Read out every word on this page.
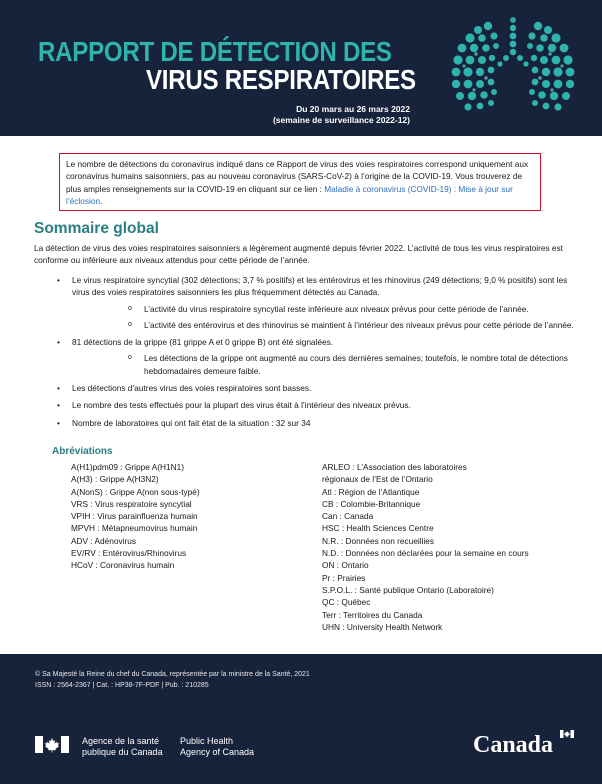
RAPPORT DE DÉTECTION DES
VIRUS RESPIRATOIRES
Du 20 mars au 26 mars 2022
(semaine de surveillance 2022-12)
Le nombre de détections du coronavirus indiqué dans ce Rapport de virus des voies respiratoires correspond uniquement aux coronavirus humains saisonniers, pas au nouveau coronavirus (SARS-CoV-2) à l’origine de la COVID-19. Vous trouverez de plus amples renseignements sur la COVID-19 en cliquant sur ce lien : Maladie à coronavirus (COVID-19) : Mise à jour sur l’éclosion.
Sommaire global
La détection de virus des voies respiratoires saisonniers a légèrement augmenté depuis février 2022. L’activité de tous les virus respiratoires est conforme ou inférieure aux niveaux attendus pour cette période de l’année.
• Le virus respiratoire syncytial (302 détections; 3,7 % positifs) et les entérovirus et les rhinovirus (249 détections; 9,0 % positifs) sont les virus des voies respiratoires saisonniers les plus fréquemment détectés au Canada.
o L’activité du virus respiratoire syncytial reste inférieure aux niveaux prévus pour cette période de l’année.
o L’activité des entérovirus et des rhinovirus se maintient à l’intérieur des niveaux prévus pour cette période de l’année.
• 81 détections de la grippe (81 grippe A et 0 grippe B) ont été signalées.
o Les détections de la grippe ont augmenté au cours des dernières semaines; toutefois, le nombre total de détections hebdomadaires demeure faible.
• Les détections d’autres virus des voies respiratoires sont basses.
• Le nombre des tests effectués pour la plupart des virus était à l’intérieur des niveaux prévus.
• Nombre de laboratoires qui ont fait état de la situation : 32 sur 34
Abréviations
A(H1)pdm09 : Grippe A(H1N1)
A(H3) : Grippe A(H3N2)
A(NonS) : Grippe A(non sous-typé)
VRS : Virus respiratoire syncytial
VPIH : Virus parainfluenza humain
MPVH : Métapneumovirus humain
ADV : Adénovirus
EV/RV : Entérovirus/Rhinovirus
HCoV : Coronavirus humain
ARLEO : L’Association des laboratoires régionaux de l’Est de l’Ontario
Atl : Région de l’Atlantique
CB : Colombie-Britannique
Can : Canada
HSC : Health Sciences Centre
N.R. : Données non recueillies
N.D. : Données non déclarées pour la semaine en cours
ON : Ontario
Pr : Prairies
S.P.O.L. : Santé publique Ontario (Laboratoire)
QC : Québec
Terr : Territoires du Canada
UHN : University Health Network
© Sa Majesté la Reine du chef du Canada, représentée par la ministre de la Santé, 2021
ISSN : 2564-2367 | Cat. : HP38-7F-PDF | Pub. : 210285
Agence de la santé
publique du Canada
Public Health
Agency of Canada	Canada
